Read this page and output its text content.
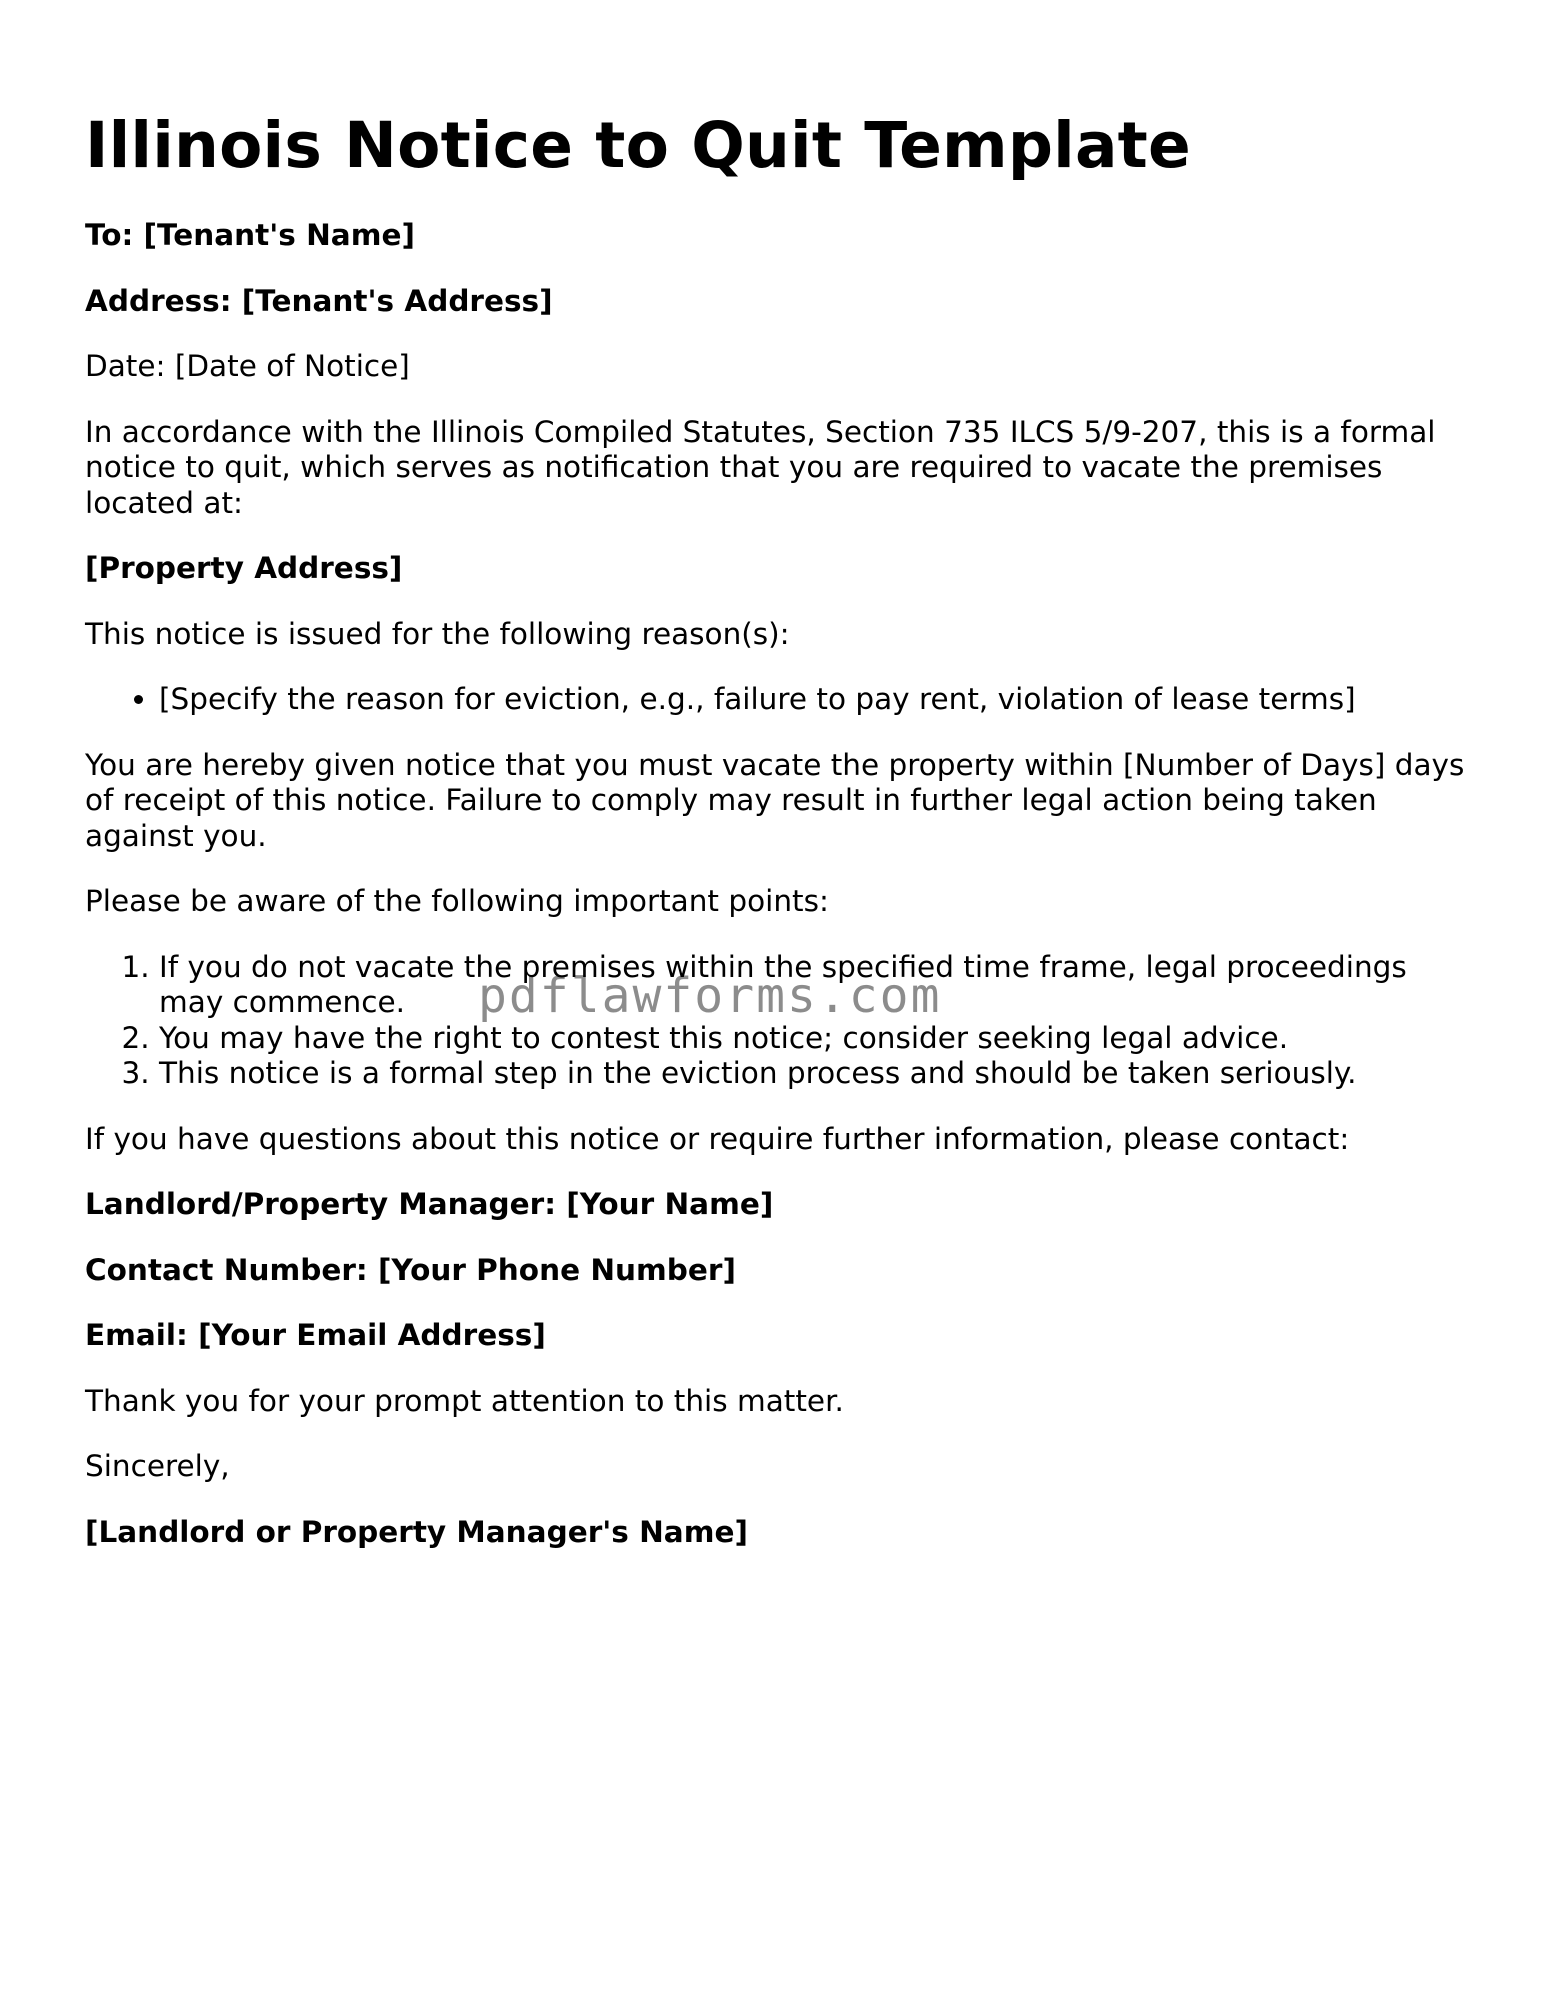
Illinois Notice to Quit Template

To: [Tenant's Name]

Address: [Tenant's Address]

Date: [Date of Notice]

In accordance with the Illinois Compiled Statutes, Section 735 ILCS 5/9-207, this is a formal notice to quit, which serves as notification that you are required to vacate the premises located at:

[Property Address]

This notice is issued for the following reason(s):

• [Specify the reason for eviction, e.g., failure to pay rent, violation of lease terms]

You are hereby given notice that you must vacate the property within [Number of Days] days of receipt of this notice. Failure to comply may result in further legal action being taken against you.

Please be aware of the following important points:

1. If you do not vacate the premises within the specified time frame, legal proceedings may commence.
2. You may have the right to contest this notice; consider seeking legal advice.
3. This notice is a formal step in the eviction process and should be taken seriously.

If you have questions about this notice or require further information, please contact:

Landlord/Property Manager: [Your Name]

Contact Number: [Your Phone Number]

Email: [Your Email Address]

Thank you for your prompt attention to this matter.

Sincerely,

[Landlord or Property Manager's Name]

pdflawforms.com
